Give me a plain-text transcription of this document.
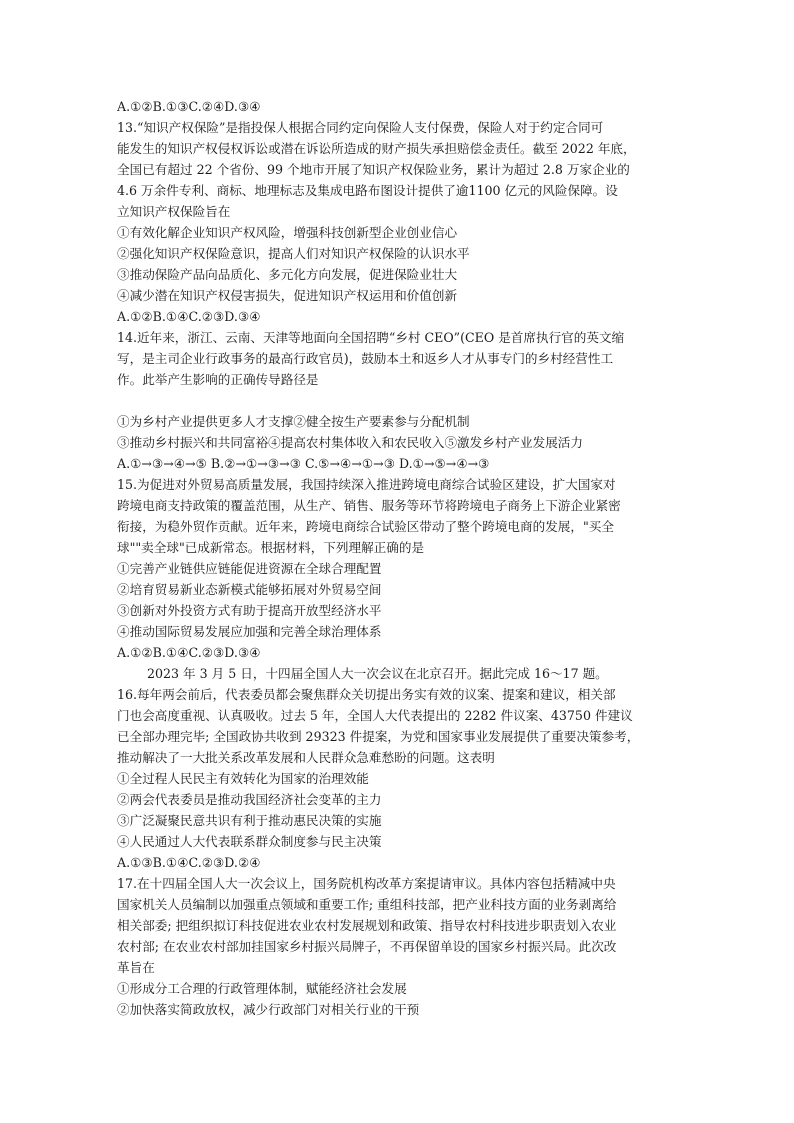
A.①②B.①③C.②④D.③④
13.“知识产权保险”是指投保人根据合同约定向保险人支付保费，保险人对于约定合同可
能发生的知识产权侵权诉讼或潜在诉讼所造成的财产损失承担赔偿金责任。截至 2022 年底，
全国已有超过 22 个省份、99 个地市开展了知识产权保险业务，累计为超过 2.8 万家企业的
4.6 万余件专利、商标、地理标志及集成电路布图设计提供了逾1100 亿元的风险保障。设
立知识产权保险旨在
①有效化解企业知识产权风险，增强科技创新型企业创业信心
②强化知识产权保险意识，提高人们对知识产权保险的认识水平
③推动保险产品向品质化、多元化方向发展，促进保险业壮大
④减少潜在知识产权侵害损失，促进知识产权运用和价值创新
A.①②B.①④C.②③D.③④
14.近年来，浙江、云南、天津等地面向全国招聘“乡村 CEO”(CEO 是首席执行官的英文缩
写，是主司企业行政事务的最高行政官员)，鼓励本土和返乡人才从事专门的乡村经营性工
作。此举产生影响的正确传导路径是
①为乡村产业提供更多人才支撑②健全按生产要素参与分配机制
③推动乡村振兴和共同富裕④提高农村集体收入和农民收入⑤激发乡村产业发展活力
A.①→③→④→⑤ B.②→①→③→③ C.⑤→④→①→③ D.①→⑤→④→③
15.为促进对外贸易高质量发展，我国持续深入推进跨境电商综合试验区建设，扩大国家对
跨境电商支持政策的覆盖范围，从生产、销售、服务等环节将跨境电子商务上下游企业紧密
衔接，为稳外贸作贡献。近年来，跨境电商综合试验区带动了整个跨境电商的发展，"买全
球""卖全球"已成新常态。根据材料，下列理解正确的是
①完善产业链供应链能促进资源在全球合理配置
②培育贸易新业态新模式能够拓展对外贸易空间
③创新对外投资方式有助于提高开放型经济水平
④推动国际贸易发展应加强和完善全球治理体系
A.①②B.①④C.②③D.③④
2023 年 3 月 5 日，十四届全国人大一次会议在北京召开。据此完成 16～17 题。
16.每年两会前后，代表委员都会聚焦群众关切提出务实有效的议案、提案和建议，相关部
门也会高度重视、认真吸收。过去 5 年，全国人大代表提出的 2282 件议案、43750 件建议
已全部办理完毕; 全国政协共收到 29323 件提案，为党和国家事业发展提供了重要决策参考，
推动解决了一大批关系改革发展和人民群众急难愁盼的问题。这表明
①全过程人民民主有效转化为国家的治理效能
②两会代表委员是推动我国经济社会变革的主力
③广泛凝聚民意共识有利于推动惠民决策的实施
④人民通过人大代表联系群众制度参与民主决策
A.①③B.①④C.②③D.②④
17.在十四届全国人大一次会议上，国务院机构改革方案提请审议。具体内容包括精减中央
国家机关人员编制以加强重点领域和重要工作; 重组科技部，把产业科技方面的业务剥离给
相关部委; 把组织拟订科技促进农业农村发展规划和政策、指导农村科技进步职责划入农业
农村部; 在农业农村部加挂国家乡村振兴局牌子，不再保留单设的国家乡村振兴局。此次改
革旨在
①形成分工合理的行政管理体制，赋能经济社会发展
②加快落实简政放权，减少行政部门对相关行业的干预
